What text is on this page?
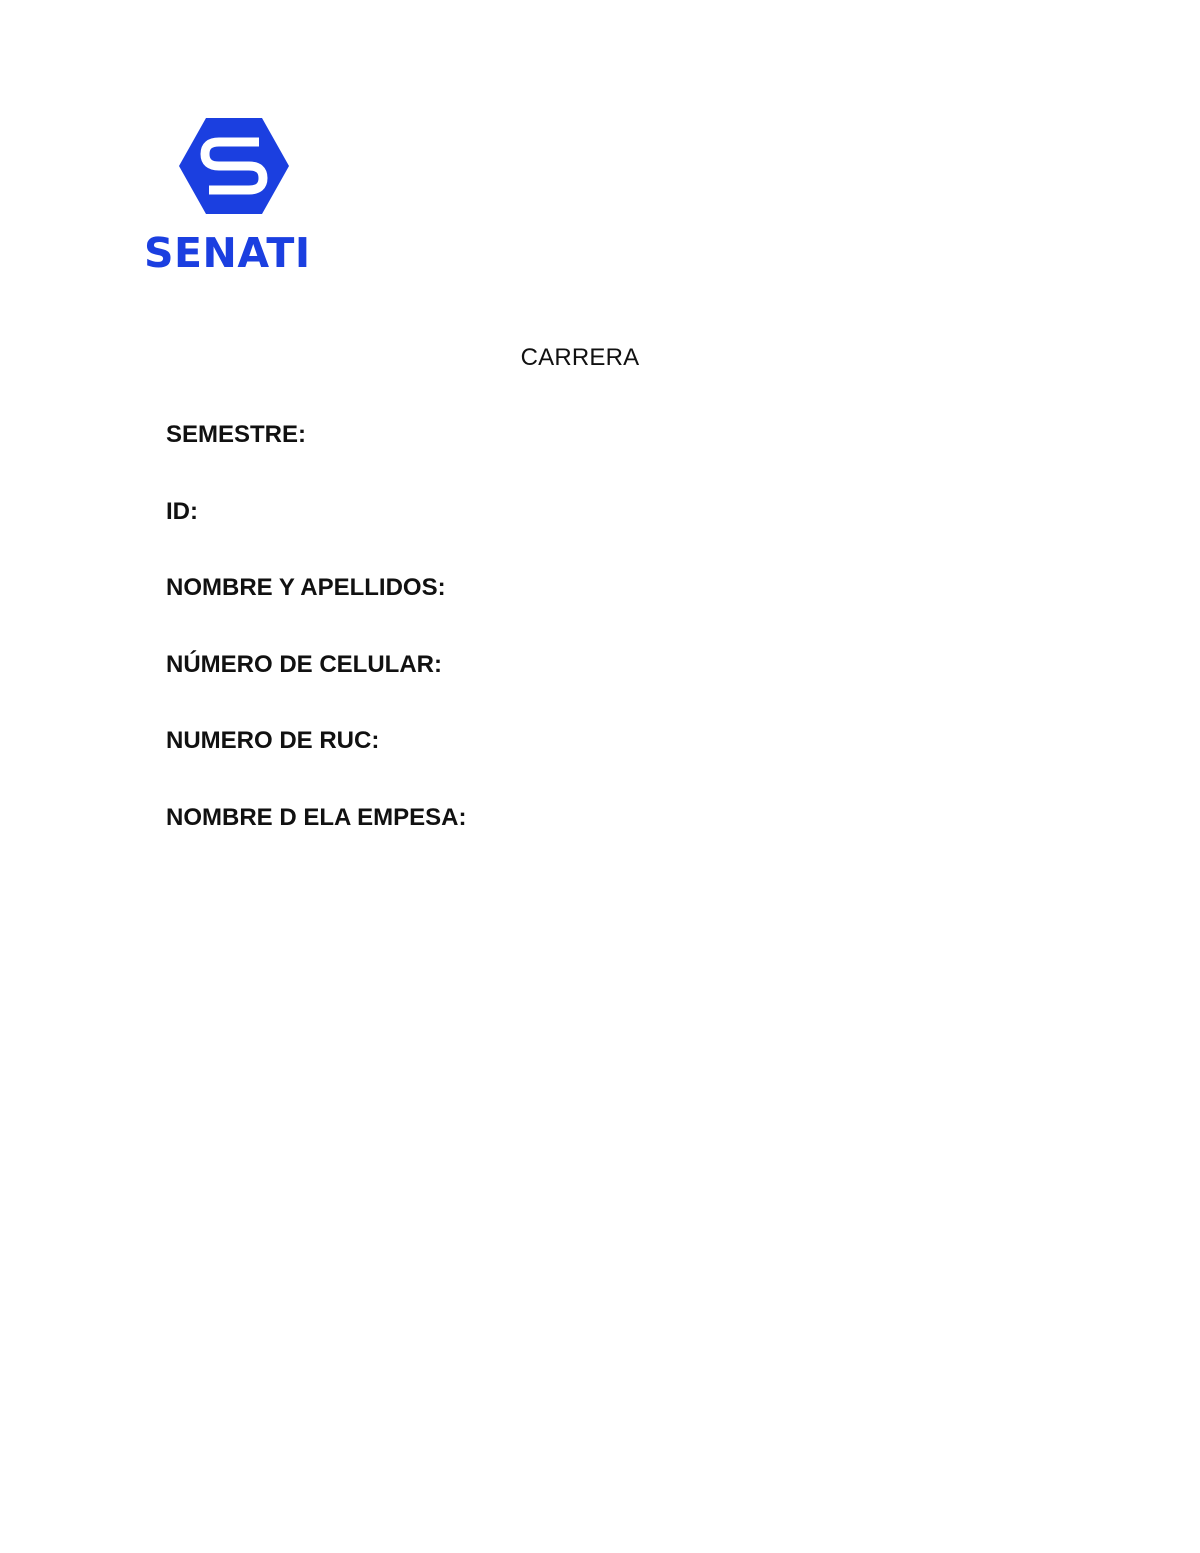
SENATI
CARRERA
SEMESTRE:
ID:
NOMBRE Y APELLIDOS:
NÚMERO DE CELULAR:
NUMERO DE RUC:
NOMBRE D ELA EMPESA:
